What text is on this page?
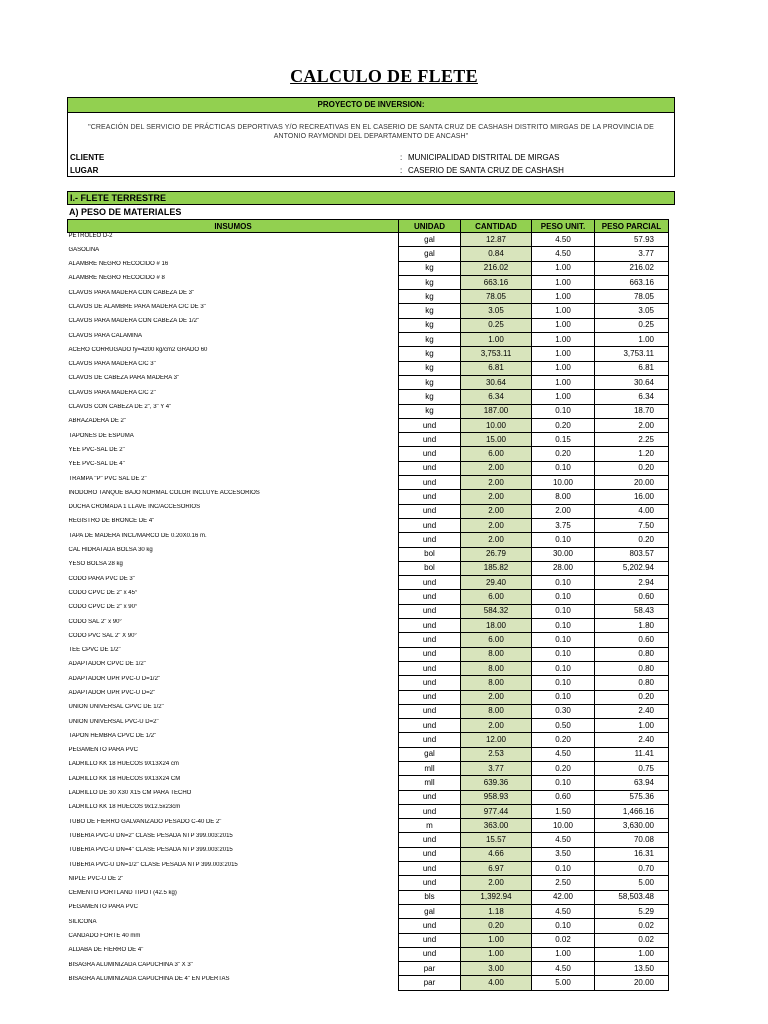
CALCULO DE FLETE
PROYECTO DE INVERSION:
"CREACIÓN DEL SERVICIO DE PRÁCTICAS DEPORTIVAS Y/O RECREATIVAS EN EL CASERIO DE SANTA CRUZ DE CASHASH DISTRITO MIRGAS DE LA PROVINCIA DE ANTONIO RAYMONDI DEL DEPARTAMENTO DE ANCASH"
CLIENTE	: MUNICIPALIDAD DISTRITAL DE MIRGAS
LUGAR	: CASERIO DE SANTA CRUZ DE CASHASH
I.- FLETE TERRESTRE
A) PESO DE MATERIALES
INSUMOS	UNIDAD	CANTIDAD	PESO UNIT.	PESO PARCIAL
PETROLEO D-2	gal	12.87	4.50	57.93
GASOLINA	gal	0.84	4.50	3.77
ALAMBRE NEGRO RECOCIDO # 16	kg	216.02	1.00	216.02
ALAMBRE NEGRO RECOCIDO # 8	kg	663.16	1.00	663.16
CLAVOS PARA MADERA CON CABEZA DE 3"	kg	78.05	1.00	78.05
CLAVOS DE ALAMBRE PARA MADERA C/C DE 3"	kg	3.05	1.00	3.05
CLAVOS PARA MADERA CON CABEZA DE 1/2"	kg	0.25	1.00	0.25
CLAVOS PARA CALAMINA	kg	1.00	1.00	1.00
ACERO CORRUGADO fy=4200 kg/cm2 GRADO 60	kg	3,753.11	1.00	3,753.11
CLAVOS PARA MADERA C/C 3"	kg	6.81	1.00	6.81
CLAVOS DE CABEZA PARA MADERA 3"	kg	30.64	1.00	30.64
CLAVOS PARA MADERA C/C 2"	kg	6.34	1.00	6.34
CLAVOS CON CABEZA DE 2", 3" Y 4"	kg	187.00	0.10	18.70
ABRAZADERA DE 2"	und	10.00	0.20	2.00
TAPONES DE ESPUMA	und	15.00	0.15	2.25
YEE PVC-SAL DE 2"	und	6.00	0.20	1.20
YEE PVC-SAL DE 4"	und	2.00	0.10	0.20
TRAMPA "P" PVC SAL DE 2"	und	2.00	10.00	20.00
INODORO TANQUE BAJO NORMAL COLOR INCLUYE ACCESORIOS	und	2.00	8.00	16.00
DUCHA CROMADA 1 LLAVE INC/ACCESORIOS	und	2.00	2.00	4.00
REGISTRO DE BRONCE DE 4"	und	2.00	3.75	7.50
TAPA DE MADERA INCL/MARCO DE 0.20X0.16 m.	und	2.00	0.10	0.20
CAL HIDRATADA BOLSA 30 kg	bol	26.79	30.00	803.57
YESO BOLSA 28 kg	bol	185.82	28.00	5,202.94
CODO PARA PVC DE 3"	und	29.40	0.10	2.94
CODO CPVC DE 2" x 45°	und	6.00	0.10	0.60
CODO CPVC DE 2" x 90°	und	584.32	0.10	58.43
CODO SAL 2" x 90°	und	18.00	0.10	1.80
CODO PVC SAL 2" X 90°	und	6.00	0.10	0.60
TEE CPVC DE 1/2"	und	8.00	0.10	0.80
ADAPTADOR CPVC DE 1/2"	und	8.00	0.10	0.80
ADAPTADOR UPR PVC-U D=1/2"	und	8.00	0.10	0.80
ADAPTADOR UPR PVC-U D=2"	und	2.00	0.10	0.20
UNION UNIVERSAL CPVC DE 1/2"	und	8.00	0.30	2.40
UNION UNIVERSAL PVC-U D=2"	und	2.00	0.50	1.00
TAPON HEMBRA CPVC DE 1/2"	und	12.00	0.20	2.40
PEGAMENTO PARA PVC	gal	2.53	4.50	11.41
LADRILLO KK 18 HUECOS 9X13X24 cm	mll	3.77	0.20	0.75
LADRILLO KK 18 HUECOS 9X13X24 CM	mll	639.36	0.10	63.94
LADRILLO DE 30 X30 X15 CM PARA TECHO	und	958.93	0.60	575.36
LADRILLO KK 18 HUECOS 9x12.5x23cm	und	977.44	1.50	1,466.16
TUBO DE FIERRO GALVANIZADO PESADO C-40 DE 2"	m	363.00	10.00	3,630.00
TUBERIA PVC-U DN=2" CLASE PESADA NTP 399.003:2015	und	15.57	4.50	70.08
TUBERIA PVC-U DN=4" CLASE PESADA NTP 399.003:2015	und	4.66	3.50	16.31
TUBERIA PVC-U DN=1/2" CLASE PESADA NTP 399.003:2015	und	6.97	0.10	0.70
NIPLE PVC-U DE 2"	und	2.00	2.50	5.00
CEMENTO PORTLAND TIPO I (42.5 kg)	bls	1,392.94	42.00	58,503.48
PEGAMENTO PARA PVC	gal	1.18	4.50	5.29
SILICONA	und	0.20	0.10	0.02
CANDADO FORTE 40 mm	und	1.00	0.02	0.02
ALDABA DE FIERRO DE 4"	und	1.00	1.00	1.00
BISAGRA ALUMINIZADA CAPUCHINA 3" X 3"	par	3.00	4.50	13.50
BISAGRA ALUMINIZADA CAPUCHINA DE 4" EN PUERTAS	par	4.00	5.00	20.00
